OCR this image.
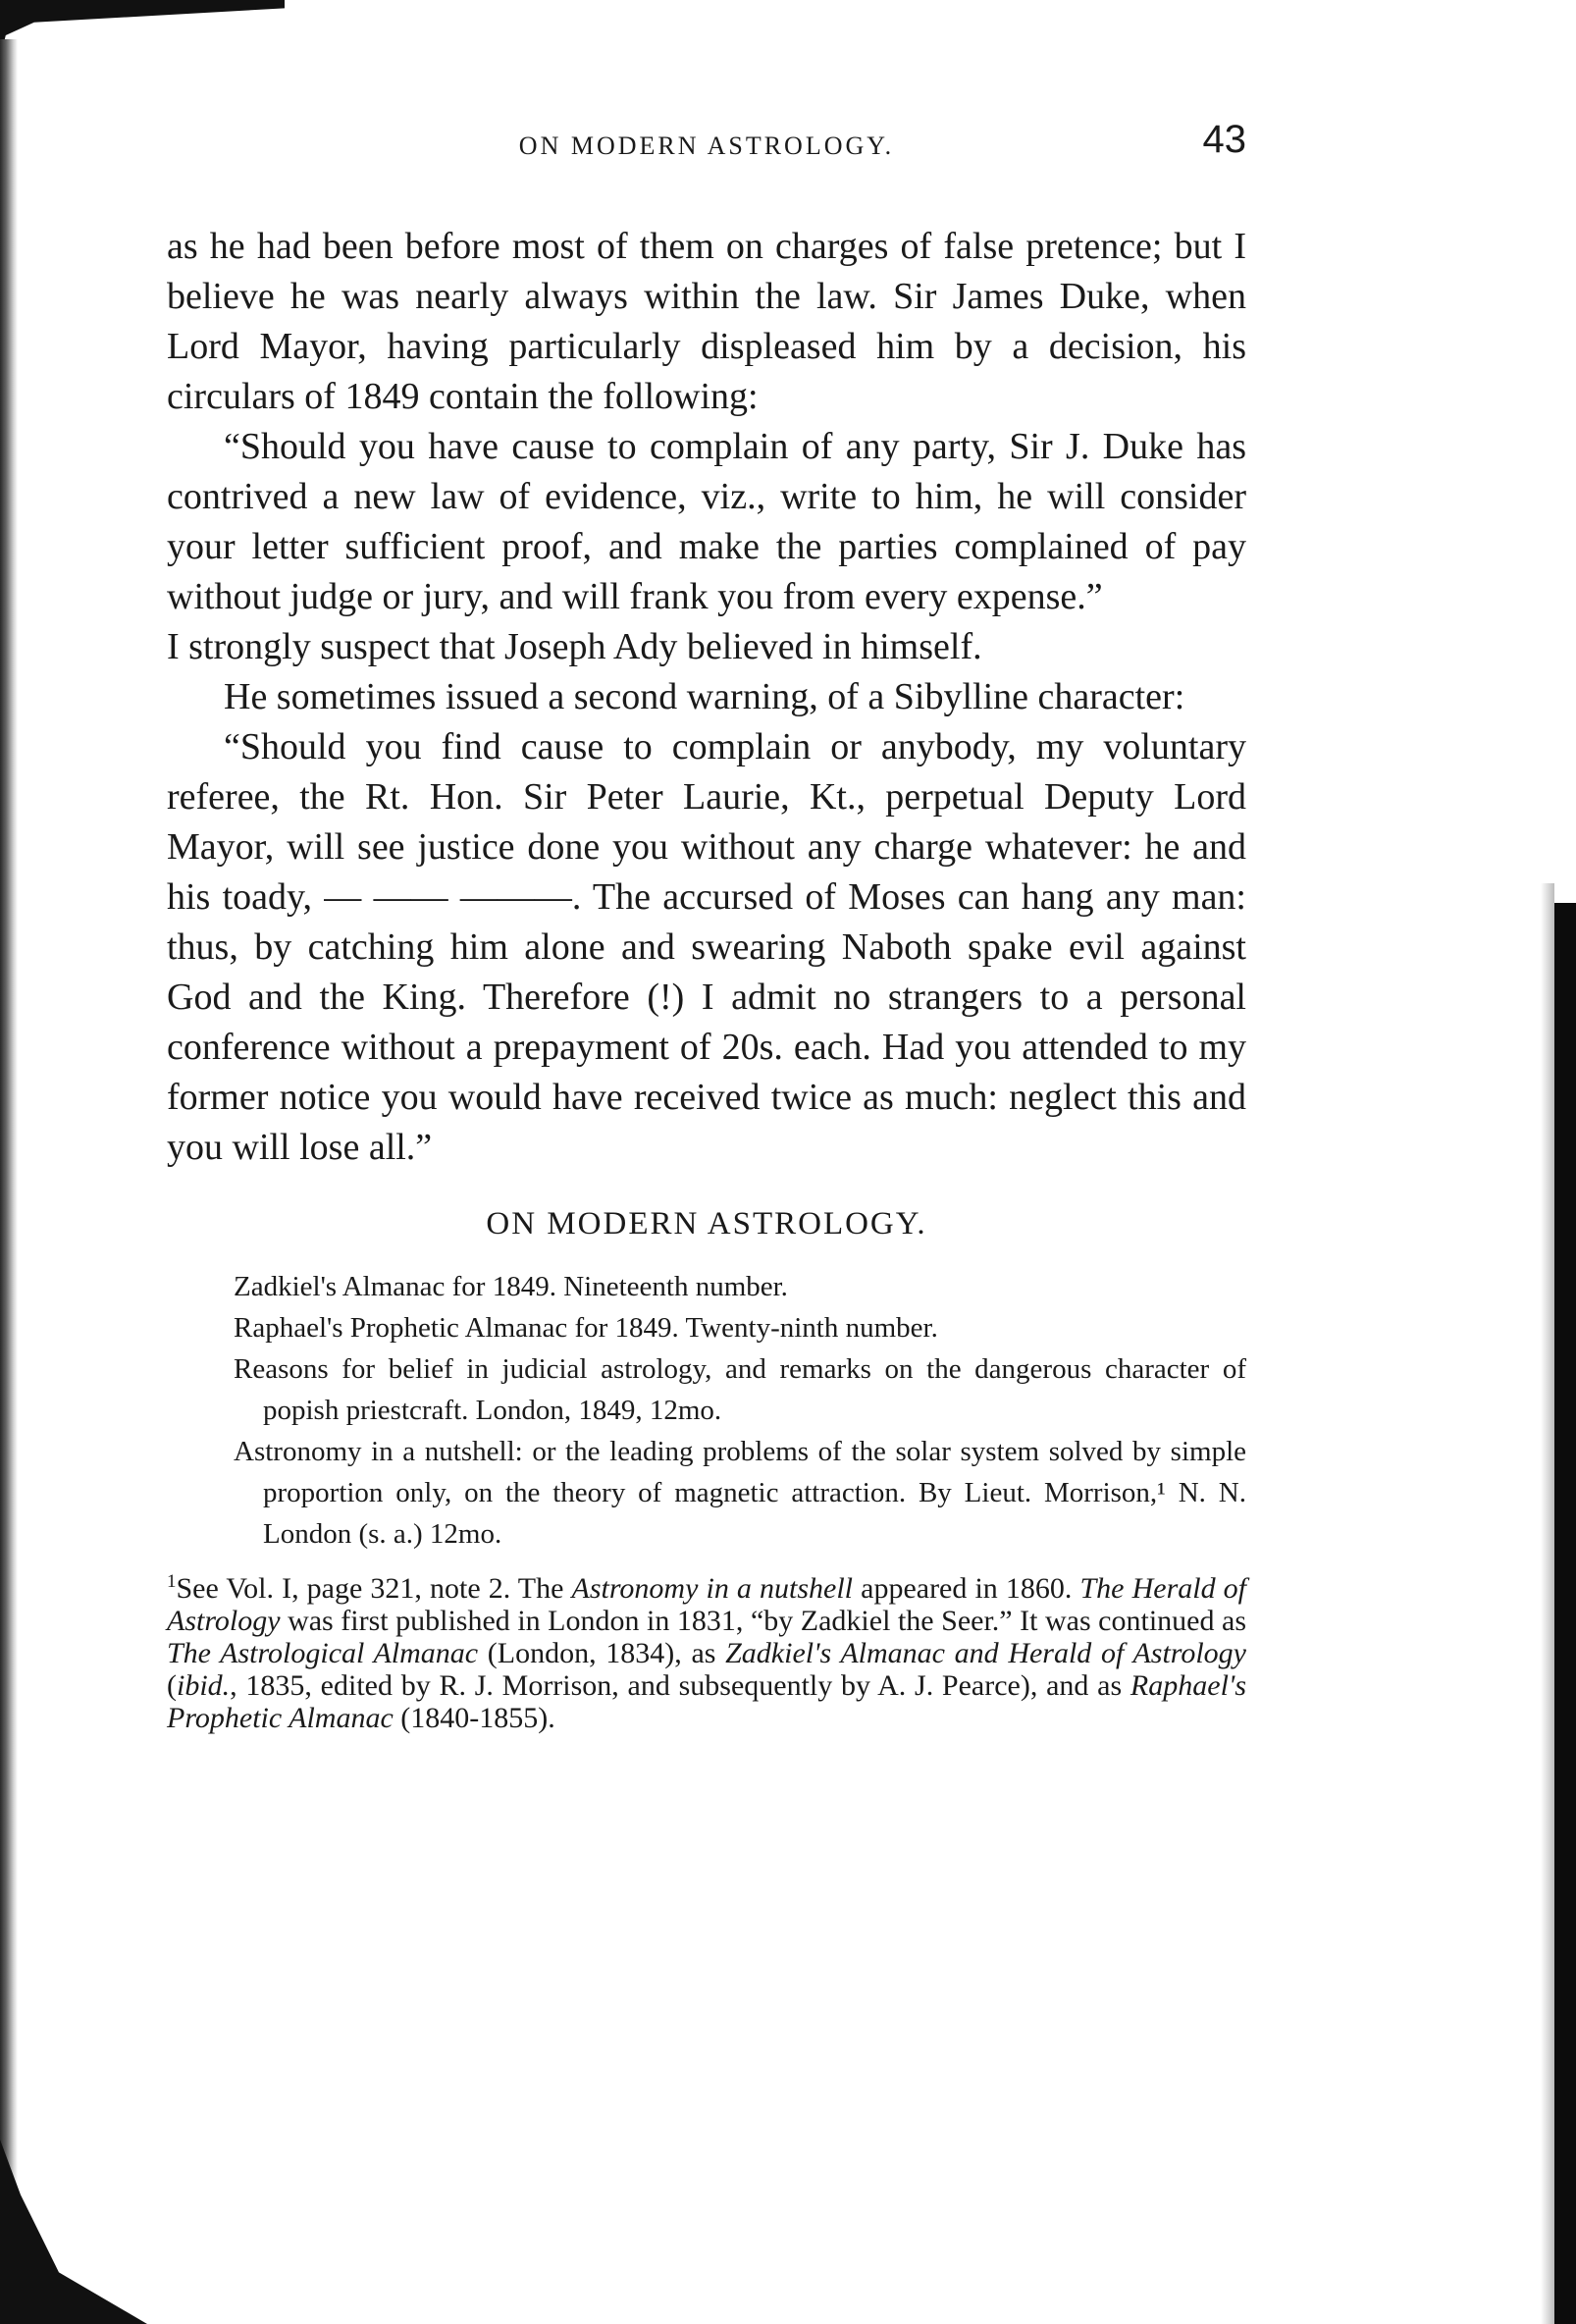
ON MODERN ASTROLOGY.	43

as he had been before most of them on charges of false pretence; but I believe he was nearly always within the law. Sir James Duke, when Lord Mayor, having particularly displeased him by a decision, his circulars of 1849 contain the following:

“Should you have cause to complain of any party, Sir J. Duke has contrived a new law of evidence, viz., write to him, he will consider your letter sufficient proof, and make the parties complained of pay without judge or jury, and will frank you from every expense.”

I strongly suspect that Joseph Ady believed in himself.

He sometimes issued a second warning, of a Sibylline character:

“Should you find cause to complain or anybody, my voluntary referee, the Rt. Hon. Sir Peter Laurie, Kt., perpetual Deputy Lord Mayor, will see justice done you without any charge whatever: he and his toady, — —— ———. The accursed of Moses can hang any man: thus, by catching him alone and swearing Naboth spake evil against God and the King. Therefore (!) I admit no strangers to a personal conference without a prepayment of 20s. each. Had you attended to my former notice you would have received twice as much: neglect this and you will lose all.”

ON MODERN ASTROLOGY.

Zadkiel's Almanac for 1849. Nineteenth number.

Raphael's Prophetic Almanac for 1849. Twenty-ninth number.

Reasons for belief in judicial astrology, and remarks on the dangerous character of popish priestcraft. London, 1849, 12mo.

Astronomy in a nutshell: or the leading problems of the solar system solved by simple proportion only, on the theory of magnetic attraction. By Lieut. Morrison,¹ N. N. London (s. a.) 12mo.

$^1$See Vol. I, page 321, note 2. The Astronomy in a nutshell appeared in 1860. The Herald of Astrology was first published in London in 1831, “by Zadkiel the Seer.” It was continued as The Astrological Almanac (London, 1834), as Zadkiel's Almanac and Herald of Astrology (ibid., 1835, edited by R. J. Morrison, and subsequently by A. J. Pearce), and as Raphael's Prophetic Almanac (1840-1855).
